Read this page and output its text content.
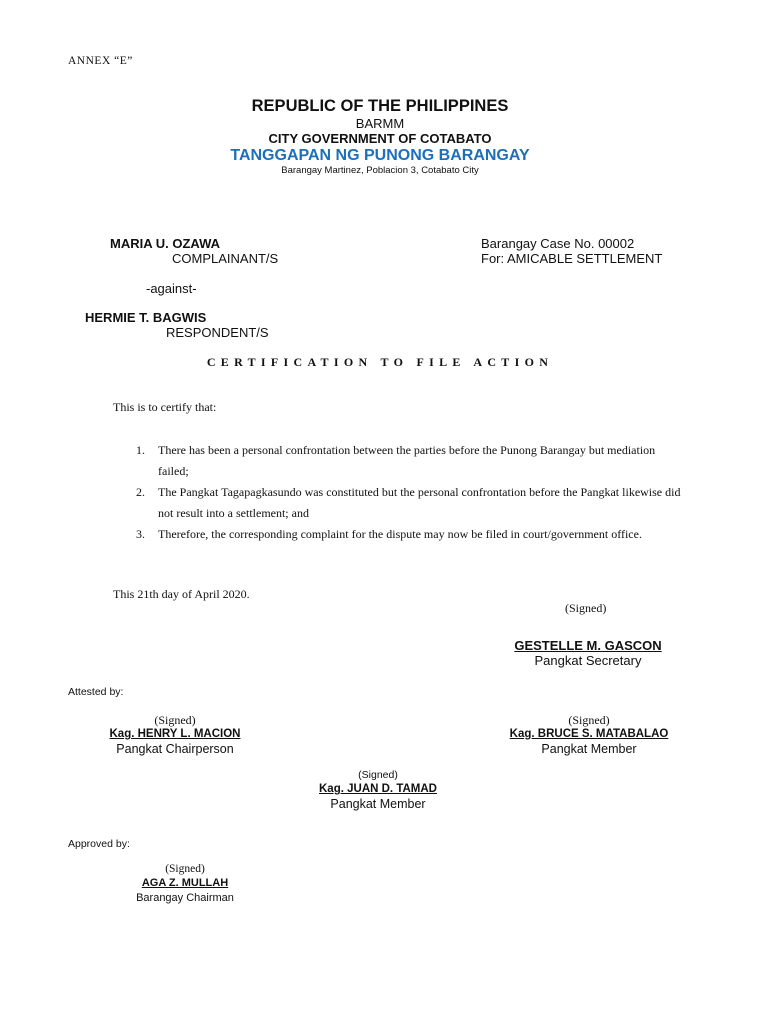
ANNEX “E”
REPUBLIC OF THE PHILIPPINES
BARMM
CITY GOVERNMENT OF COTABATO
TANGGAPAN NG PUNONG BARANGAY
Barangay Martinez, Poblacion 3, Cotabato City
MARIA U. OZAWA
COMPLAINANT/S
Barangay Case No. 00002
For: AMICABLE SETTLEMENT
-against-
HERMIE T. BAGWIS
RESPONDENT/S
CERTIFICATION TO FILE ACTION
This is to certify that:
1. There has been a personal confrontation between the parties before the Punong Barangay but mediation failed;
2. The Pangkat Tagapagkasundo was constituted but the personal confrontation before the Pangkat likewise did not result into a settlement; and
3. Therefore, the corresponding complaint for the dispute may now be filed in court/government office.
This 21th day of April 2020.
(Signed)
GESTELLE M. GASCON
Pangkat Secretary
Attested by:
(Signed)
Kag. HENRY L. MACION
Pangkat Chairperson
(Signed)
Kag. BRUCE S. MATABALAO
Pangkat Member
(Signed)
Kag. JUAN D. TAMAD
Pangkat Member
Approved by:
(Signed)
AGA Z. MULLAH
Barangay Chairman
